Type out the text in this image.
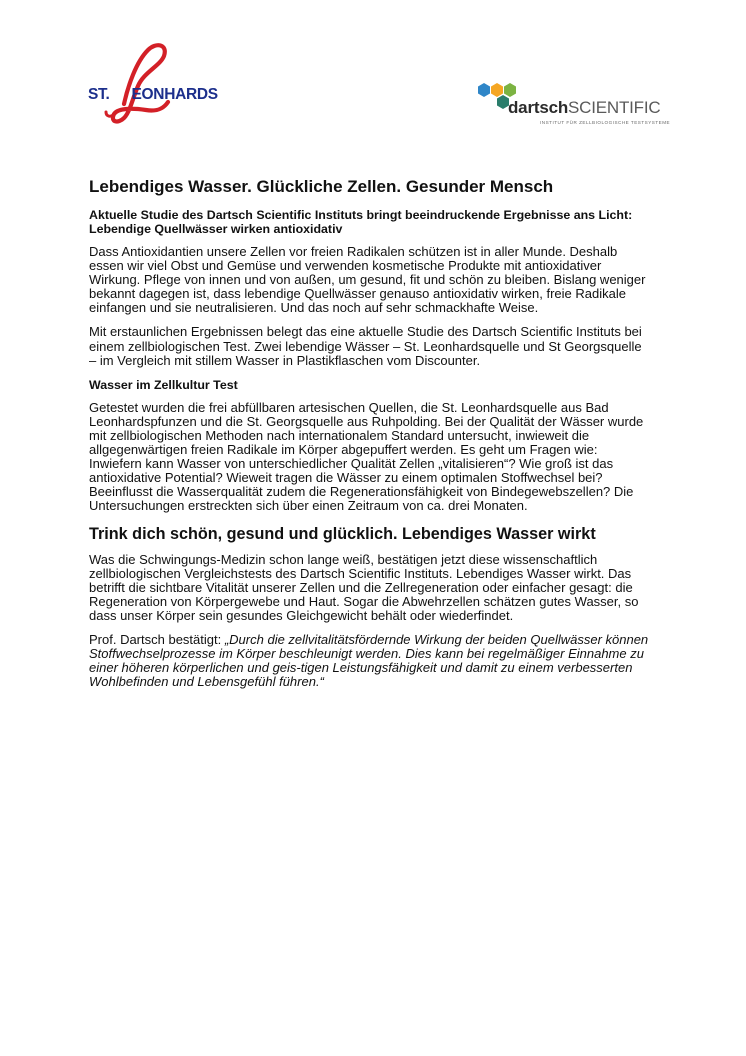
ST. EONHARDS
dartschSCIENTIFIC
INSTITUT FÜR ZELLBIOLOGISCHE TESTSYSTEME
Lebendiges Wasser. Glückliche Zellen. Gesunder Mensch
Aktuelle Studie des Dartsch Scientific Instituts bringt beeindruckende Ergebnisse ans Licht: Lebendige Quellwässer wirken antioxidativ

Dass Antioxidantien unsere Zellen vor freien Radikalen schützen ist in aller Munde. Deshalb essen wir viel Obst und Gemüse und verwenden kosmetische Produkte mit antioxidativer Wirkung. Pflege von innen und von außen, um gesund, fit und schön zu bleiben. Bislang weniger bekannt dagegen ist, dass lebendige Quellwässer genauso antioxidativ wirken, freie Radikale einfangen und sie neutralisieren. Und das noch auf sehr schmackhafte Weise.

Mit erstaunlichen Ergebnissen belegt das eine aktuelle Studie des Dartsch Scientific Instituts bei einem zellbiologischen Test. Zwei lebendige Wässer – St. Leonhardsquelle und St Georgsquelle – im Vergleich mit stillem Wasser in Plastikflaschen vom Discounter.

Wasser im Zellkultur Test

Getestet wurden die frei abfüllbaren artesischen Quellen, die St. Leonhardsquelle aus Bad Leonhardspfunzen und die St. Georgsquelle aus Ruhpolding. Bei der Qualität der Wässer wurde mit zellbiologischen Methoden nach internationalem Standard untersucht, inwieweit die allgegenwärtigen freien Radikale im Körper abgepuffert werden. Es geht um Fragen wie: Inwiefern kann Wasser von unterschiedlicher Qualität Zellen „vitalisieren“? Wie groß ist das antioxidative Potential? Wieweit tragen die Wässer zu einem optimalen Stoffwechsel bei? Beeinflusst die Wasserqualität zudem die Regenerationsfähigkeit von Bindegewebszellen? Die Untersuchungen erstreckten sich über einen Zeitraum von ca. drei Monaten.

Trink dich schön, gesund und glücklich. Lebendiges Wasser wirkt

Was die Schwingungs-Medizin schon lange weiß, bestätigen jetzt diese wissenschaftlich zellbiologischen Vergleichstests des Dartsch Scientific Instituts. Lebendiges Wasser wirkt. Das betrifft die sichtbare Vitalität unserer Zellen und die Zellregeneration oder einfacher gesagt: die Regeneration von Körpergewebe und Haut. Sogar die Abwehrzellen schätzen gutes Wasser, so dass unser Körper sein gesundes Gleichgewicht behält oder wiederfindet.

Prof. Dartsch bestätigt: „Durch die zellvitalitätsfördernde Wirkung der beiden Quellwässer können Stoffwechselprozesse im Körper beschleunigt werden. Dies kann bei regelmäßiger Einnahme zu einer höheren körperlichen und geis-tigen Leistungsfähigkeit und damit zu einem verbesserten Wohlbefinden und Lebensgefühl führen.“
